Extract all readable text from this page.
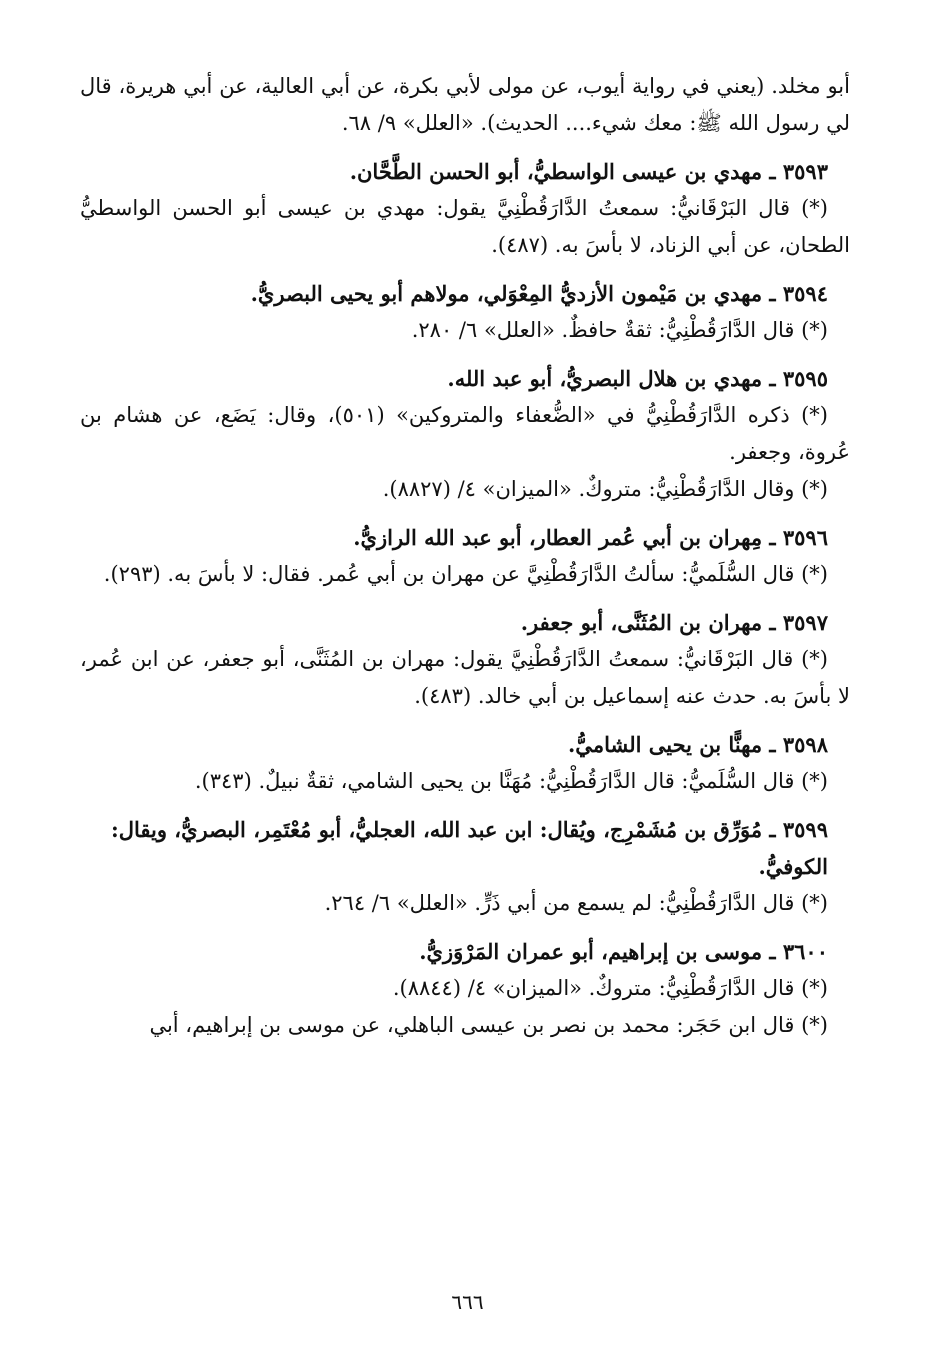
أبو مخلد. (يعني في رواية أيوب، عن مولى لأبي بكرة، عن أبي العالية، عن أبي هريرة، قال لي رسول الله ﷺ: معك شيء.... الحديث). «العلل» ٩/ ٦٨.

٣٥٩٣ ـ مهدي بن عيسى الواسطيُّ، أبو الحسن الطَّحَّان.

(*) قال البَرْقَانيُّ: سمعتُ الدَّارَقُطْنِيَّ يقول: مهدي بن عيسى أبو الحسن الواسطيُّ الطحان، عن أبي الزناد، لا بأسَ به. (٤٨٧).

٣٥٩٤ ـ مهدي بن مَيْمون الأزديُّ المِعْوَلي، مولاهم أبو يحيى البصريُّ.

(*) قال الدَّارَقُطْنِيُّ: ثقةٌ حافظٌ. «العلل» ٦/ ٢٨٠.

٣٥٩٥ ـ مهدي بن هلال البصريُّ، أبو عبد الله.

(*) ذكره الدَّارَقُطْنِيُّ في «الضُّعفاء والمتروكين» (٥٠١)، وقال: يَضَع، عن هشام بن عُروة، وجعفر.

(*) وقال الدَّارَقُطْنِيُّ: متروكٌ. «الميزان» ٤/ (٨٨٢٧).

٣٥٩٦ ـ مِهران بن أبي عُمر العطار، أبو عبد الله الرازيُّ.

(*) قال السُّلَميُّ: سألتُ الدَّارَقُطْنِيَّ عن مهران بن أبي عُمر. فقال: لا بأسَ به. (٢٩٣).

٣٥٩٧ ـ مهران بن المُثَنَّى، أبو جعفر.

(*) قال البَرْقَانيُّ: سمعتُ الدَّارَقُطْنِيَّ يقول: مهران بن المُثَنَّى، أبو جعفر، عن ابن عُمر، لا بأسَ به. حدث عنه إسماعيل بن أبي خالد. (٤٨٣).

٣٥٩٨ ـ مهنًّا بن يحيى الشاميُّ.

(*) قال السُّلَميُّ: قال الدَّارَقُطْنِيُّ: مُهَنَّا بن يحيى الشامي، ثقةٌ نبيلٌ. (٣٤٣).

٣٥٩٩ ـ مُوَرِّق بن مُشَمْرِج، ويُقال: ابن عبد الله، العجليُّ، أبو مُعْتَمِر، البصريُّ، ويقال: الكوفيُّ.

(*) قال الدَّارَقُطْنِيُّ: لم يسمع من أبي ذَرٍّ. «العلل» ٦/ ٢٦٤.

٣٦٠٠ ـ موسى بن إبراهيم، أبو عمران المَرْوَزيُّ.

(*) قال الدَّارَقُطْنِيُّ: متروكٌ. «الميزان» ٤/ (٨٨٤٤).

(*) قال ابن حَجَر: محمد بن نصر بن عيسى الباهلي، عن موسى بن إبراهيم، أبي

٦٦٦
